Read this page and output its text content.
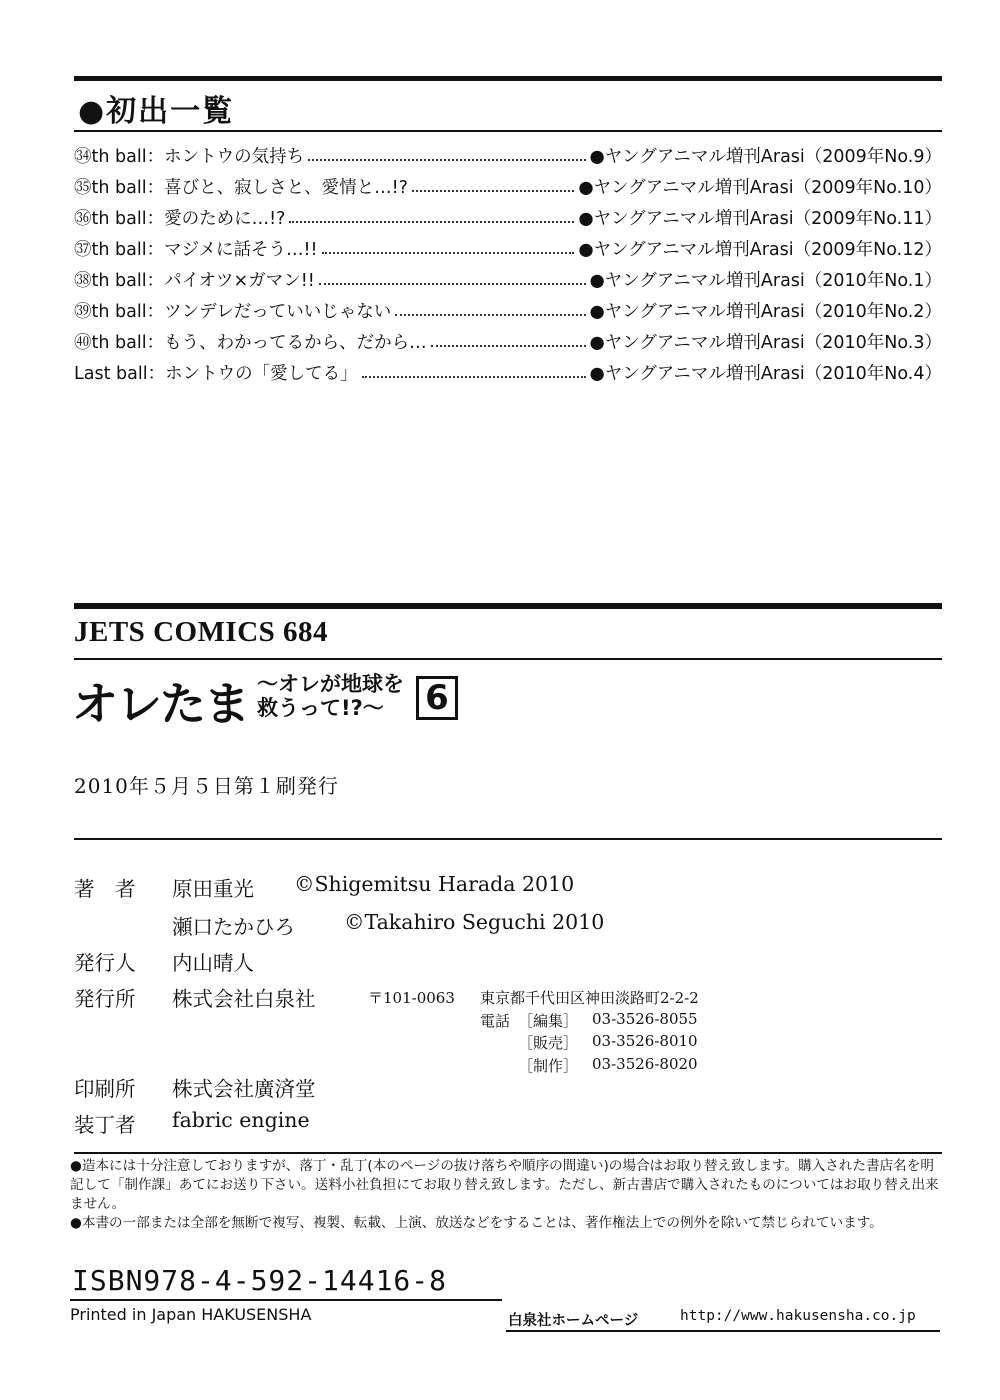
●初出一覧
㉞th ball：ホントウの気持ち	●ヤングアニマル増刊Arasi（2009年No.9）
㉟th ball：喜びと、寂しさと、愛情と…!?	●ヤングアニマル増刊Arasi（2009年No.10）
㊱th ball：愛のために…!?	●ヤングアニマル増刊Arasi（2009年No.11）
㊲th ball：マジメに話そう…!!	●ヤングアニマル増刊Arasi（2009年No.12）
㊳th ball：パイオツ×ガマン!!	●ヤングアニマル増刊Arasi（2010年No.1）
㊴th ball：ツンデレだっていいじゃない	●ヤングアニマル増刊Arasi（2010年No.2）
㊵th ball：もう、わかってるから、だから…	●ヤングアニマル増刊Arasi（2010年No.3）
Last ball：ホントウの「愛してる」	●ヤングアニマル増刊Arasi（2010年No.4）
JETS COMICS 684
オレたま ～オレが地球を救うって!?～	6
2010年５月５日第１刷発行
著　者 原田重光 ©Shigemitsu Harada 2010
瀬口たかひろ ©Takahiro Seguchi 2010
発行人 内山晴人
発行所 株式会社白泉社	〒101-0063 東京都千代田区神田淡路町2-2-2
電話 ［編集］ 03-3526-8055
［販売］ 03-3526-8010
［制作］ 03-3526-8020
印刷所 株式会社廣済堂
装丁者 fabric engine

●造本には十分注意しておりますが、落丁・乱丁(本のページの抜け落ちや順序の間違い)の場合はお取り替え致します。購入された書店名を明記して「制作課」あてにお送り下さい。送料小社負担にてお取り替え致します。ただし、新古書店で購入されたものについてはお取り替え出来ません。

●本書の一部または全部を無断で複写、複製、転載、上演、放送などをすることは、著作権法上での例外を除いて禁じられています。

ISBN978-4-592-14416-8
Printed in Japan HAKUSENSHA	白泉社ホームページ	http://www.hakusensha.co.jp
